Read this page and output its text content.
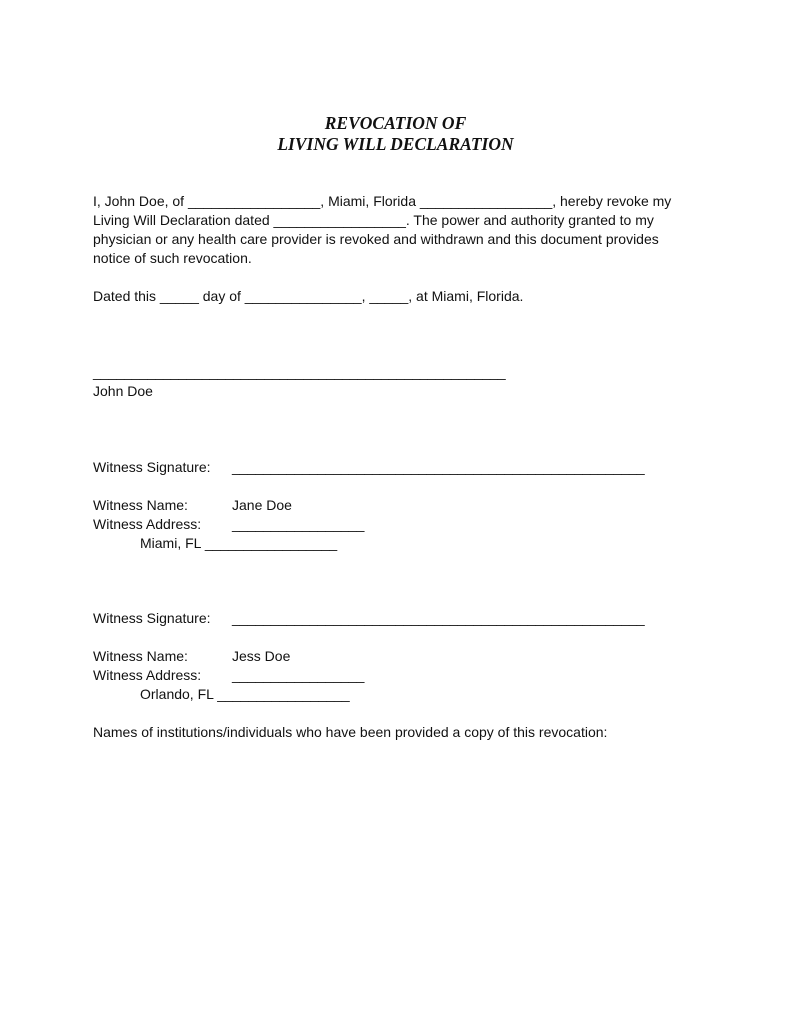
REVOCATION OF
LIVING WILL DECLARATION
I, John Doe, of _________________, Miami, Florida _________________, hereby revoke my
Living Will Declaration dated _________________. The power and authority granted to my
physician or any health care provider is revoked and withdrawn and this document provides
notice of such revocation.
Dated this _____ day of _______________, _____, at Miami, Florida.
_____________________________________________________
John Doe
Witness Signature: _____________________________________________________
Witness Name:	Jane Doe
Witness Address: _________________
Miami, FL _________________
Witness Signature: _____________________________________________________
Witness Name:	Jess Doe
Witness Address: _________________
Orlando, FL _________________
Names of institutions/individuals who have been provided a copy of this revocation:
